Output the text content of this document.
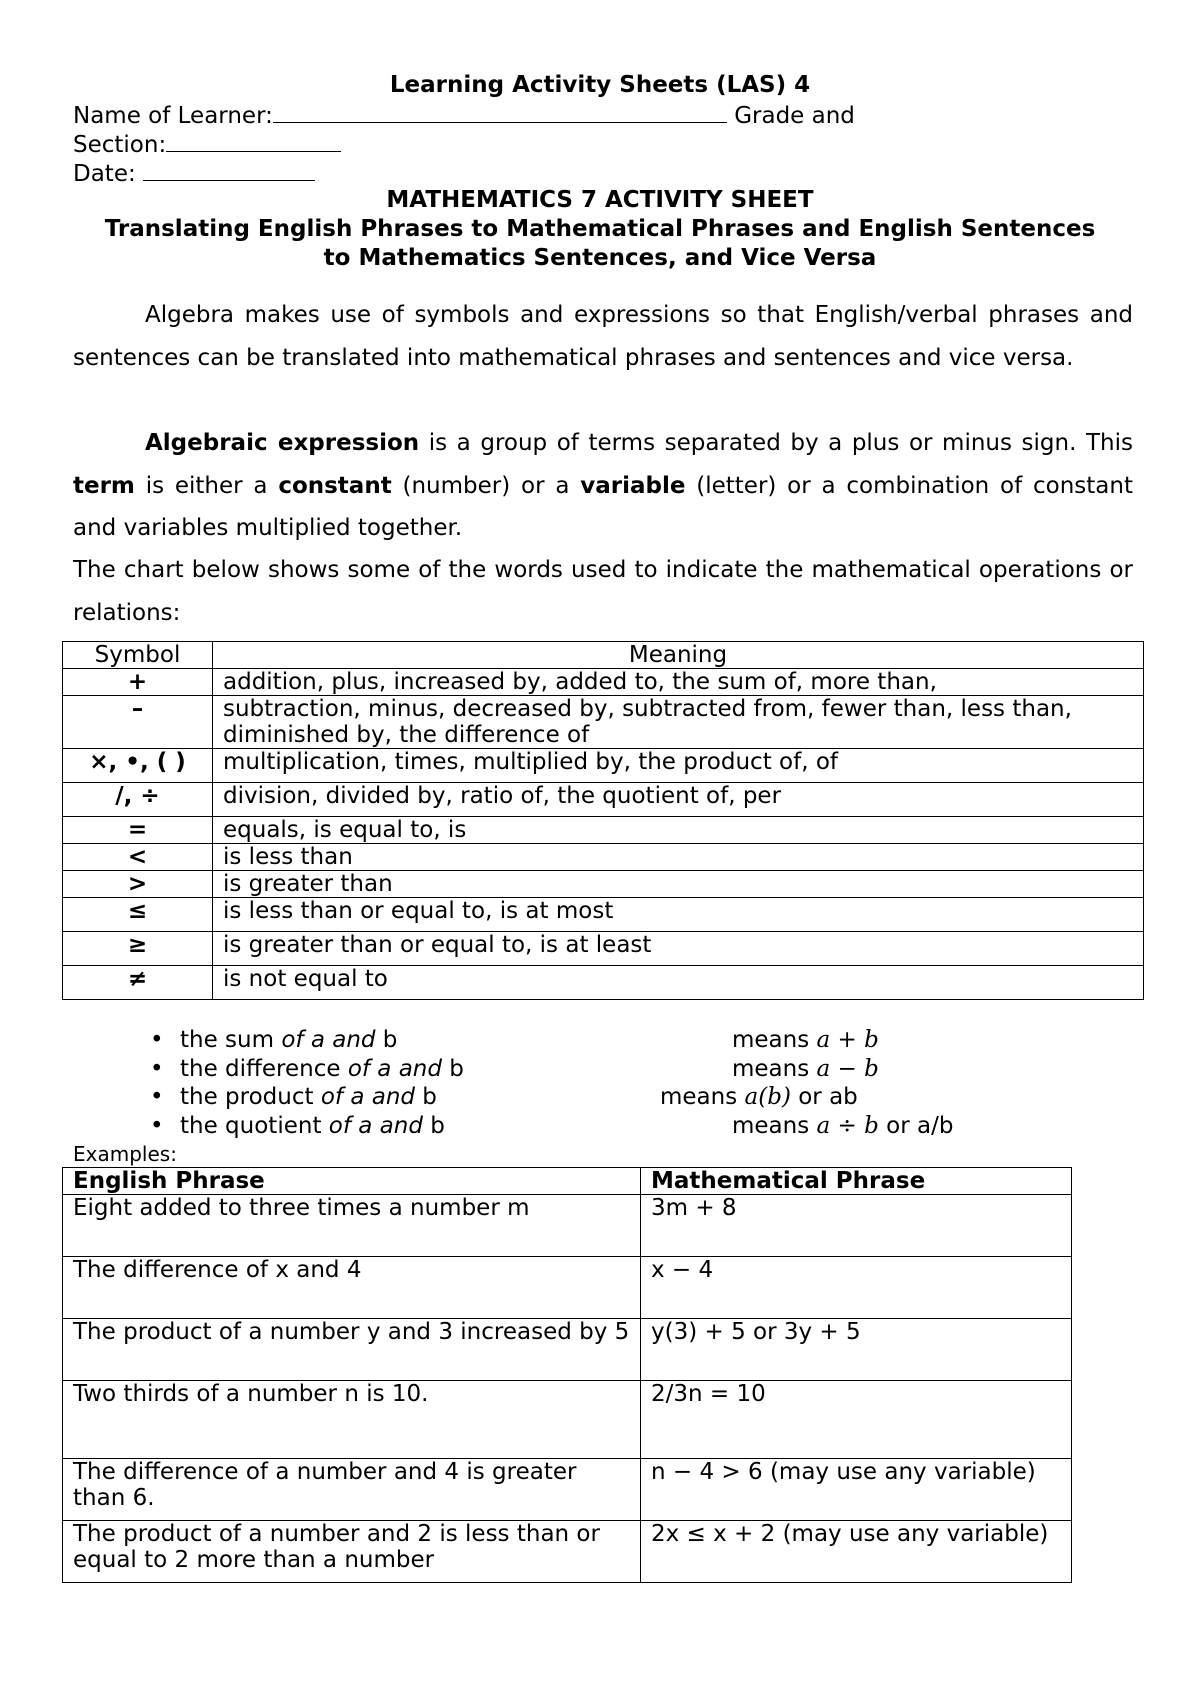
Learning Activity Sheets (LAS) 4
Name of Learner:	Grade and
Section:
Date:
MATHEMATICS 7 ACTIVITY SHEET
Translating English Phrases to Mathematical Phrases and English Sentences
to Mathematics Sentences, and Vice Versa
Algebra makes use of symbols and expressions so that English/verbal phrases and sentences can be translated into mathematical phrases and sentences and vice versa.
Algebraic expression is a group of terms separated by a plus or minus sign. This term is either a constant (number) or a variable (letter) or a combination of constant and variables multiplied together.
The chart below shows some of the words used to indicate the mathematical operations or relations:
Symbol	Meaning
+	addition, plus, increased by, added to, the sum of, more than,
–	subtraction, minus, decreased by, subtracted from, fewer than, less than, diminished by, the difference of
×, •, ( )	multiplication, times, multiplied by, the product of, of
/, ÷	division, divided by, ratio of, the quotient of, per
=	equals, is equal to, is
<	is less than
>	is greater than
≤	is less than or equal to, is at most
≥	is greater than or equal to, is at least
≠	is not equal to
• the sum of a and b	means a + b
• the difference of a and b	means a − b
• the product of a and b	means a(b) or ab
• the quotient of a and b	means a ÷ b or a/b
Examples:
English Phrase	Mathematical Phrase
Eight added to three times a number m	3m + 8
The difference of x and 4	x − 4
The product of a number y and 3 increased by 5	y(3) + 5 or 3y + 5
Two thirds of a number n is 10.	2/3n = 10
The difference of a number and 4 is greater than 6.	n − 4 > 6 (may use any variable)
The product of a number and 2 is less than or equal to 2 more than a number	2x ≤ x + 2 (may use any variable)
